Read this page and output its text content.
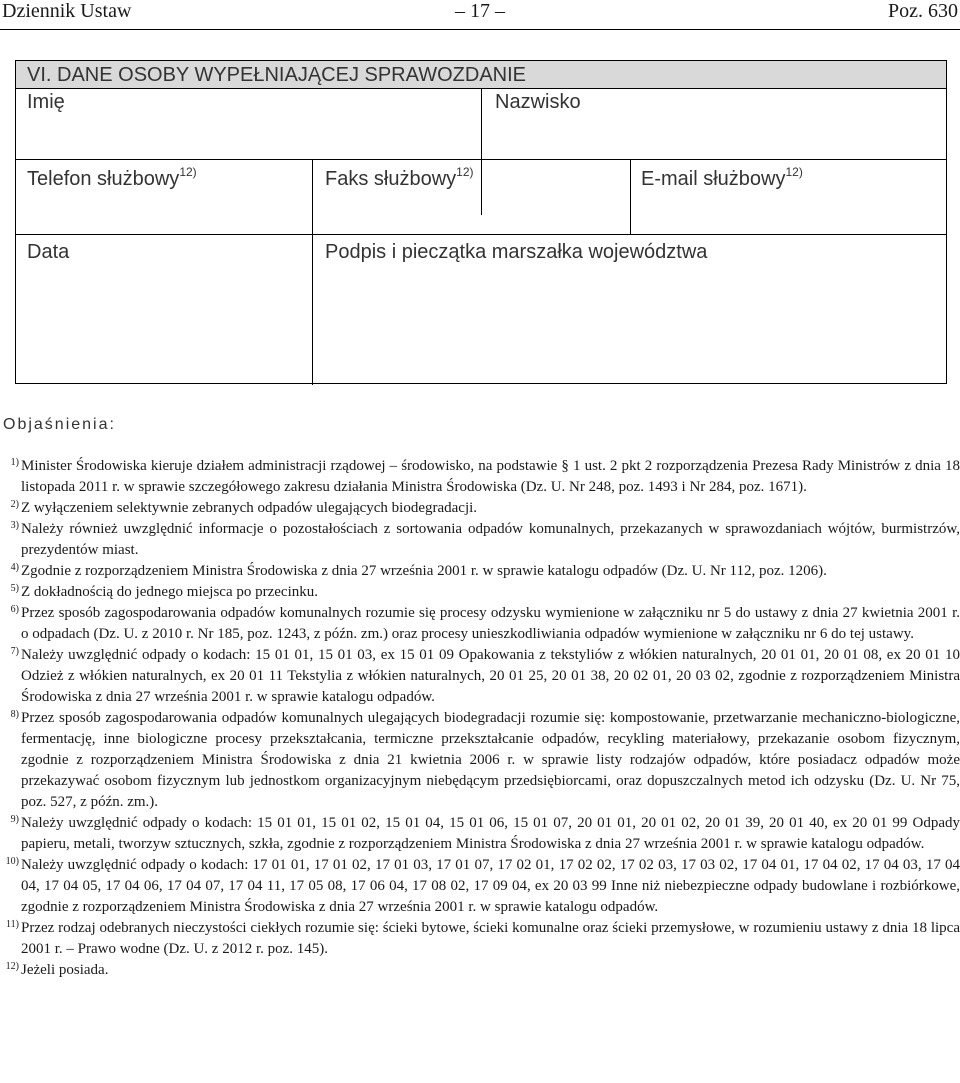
– 17 –
Dziennik Ustaw	Poz. 630
VI. DANE OSOBY WYPEŁNIAJĄCEJ SPRAWOZDANIE
Imię	Nazwisko
Telefon służbowy$^{12)}$	Faks służbowy$^{12)}$	E-mail służbowy$^{12)}$
Data	Podpis i pieczątka marszałka województwa
Objaśnienia:
1) Minister Środowiska kieruje działem administracji rządowej – środowisko, na podstawie § 1 ust. 2 pkt 2 rozporządzenia Prezesa Rady Ministrów z dnia 18 listopada 2011 r. w sprawie szczegółowego zakresu działania Ministra Środowiska (Dz. U. Nr 248, poz. 1493 i Nr 284, poz. 1671).
2) Z wyłączeniem selektywnie zebranych odpadów ulegających biodegradacji.
3) Należy również uwzględnić informacje o pozostałościach z sortowania odpadów komunalnych, przekazanych w sprawozdaniach wójtów, burmistrzów, prezydentów miast.
4) Zgodnie z rozporządzeniem Ministra Środowiska z dnia 27 września 2001 r. w sprawie katalogu odpadów (Dz. U. Nr 112, poz. 1206).
5) Z dokładnością do jednego miejsca po przecinku.
6) Przez sposób zagospodarowania odpadów komunalnych rozumie się procesy odzysku wymienione w załączniku nr 5 do ustawy z dnia 27 kwietnia 2001 r. o odpadach (Dz. U. z 2010 r. Nr 185, poz. 1243, z późn. zm.) oraz procesy unieszkodliwiania odpadów wymienione w załączniku nr 6 do tej ustawy.
7) Należy uwzględnić odpady o kodach: 15 01 01, 15 01 03, ex 15 01 09 Opakowania z tekstyliów z włókien naturalnych, 20 01 01, 20 01 08, ex 20 01 10 Odzież z włókien naturalnych, ex 20 01 11 Tekstylia z włókien naturalnych, 20 01 25, 20 01 38, 20 02 01, 20 03 02, zgodnie z rozporządzeniem Ministra Środowiska z dnia 27 września 2001 r. w sprawie katalogu odpadów.
8) Przez sposób zagospodarowania odpadów komunalnych ulegających biodegradacji rozumie się: kompostowanie, przetwarzanie mechaniczno-biologiczne, fermentację, inne biologiczne procesy przekształcania, termiczne przekształcanie odpadów, recykling materiałowy, przekazanie osobom fizycznym, zgodnie z rozporządzeniem Ministra Środowiska z dnia 21 kwietnia 2006 r. w sprawie listy rodzajów odpadów, które posiadacz odpadów może przekazywać osobom fizycznym lub jednostkom organizacyjnym niebędącym przedsiębiorcami, oraz dopuszczalnych metod ich odzysku (Dz. U. Nr 75, poz. 527, z późn. zm.).
9) Należy uwzględnić odpady o kodach: 15 01 01, 15 01 02, 15 01 04, 15 01 06, 15 01 07, 20 01 01, 20 01 02, 20 01 39, 20 01 40, ex 20 01 99 Odpady papieru, metali, tworzyw sztucznych, szkła, zgodnie z rozporządzeniem Ministra Środowiska z dnia 27 września 2001 r. w sprawie katalogu odpadów.
10) Należy uwzględnić odpady o kodach: 17 01 01, 17 01 02, 17 01 03, 17 01 07, 17 02 01, 17 02 02, 17 02 03, 17 03 02, 17 04 01, 17 04 02, 17 04 03, 17 04 04, 17 04 05, 17 04 06, 17 04 07, 17 04 11, 17 05 08, 17 06 04, 17 08 02, 17 09 04, ex 20 03 99 Inne niż niebezpieczne odpady budowlane i rozbiórkowe, zgodnie z rozporządzeniem Ministra Środowiska z dnia 27 września 2001 r. w sprawie katalogu odpadów.
11) Przez rodzaj odebranych nieczystości ciekłych rozumie się: ścieki bytowe, ścieki komunalne oraz ścieki przemysłowe, w rozumieniu ustawy z dnia 18 lipca 2001 r. – Prawo wodne (Dz. U. z 2012 r. poz. 145).
12) Jeżeli posiada.
